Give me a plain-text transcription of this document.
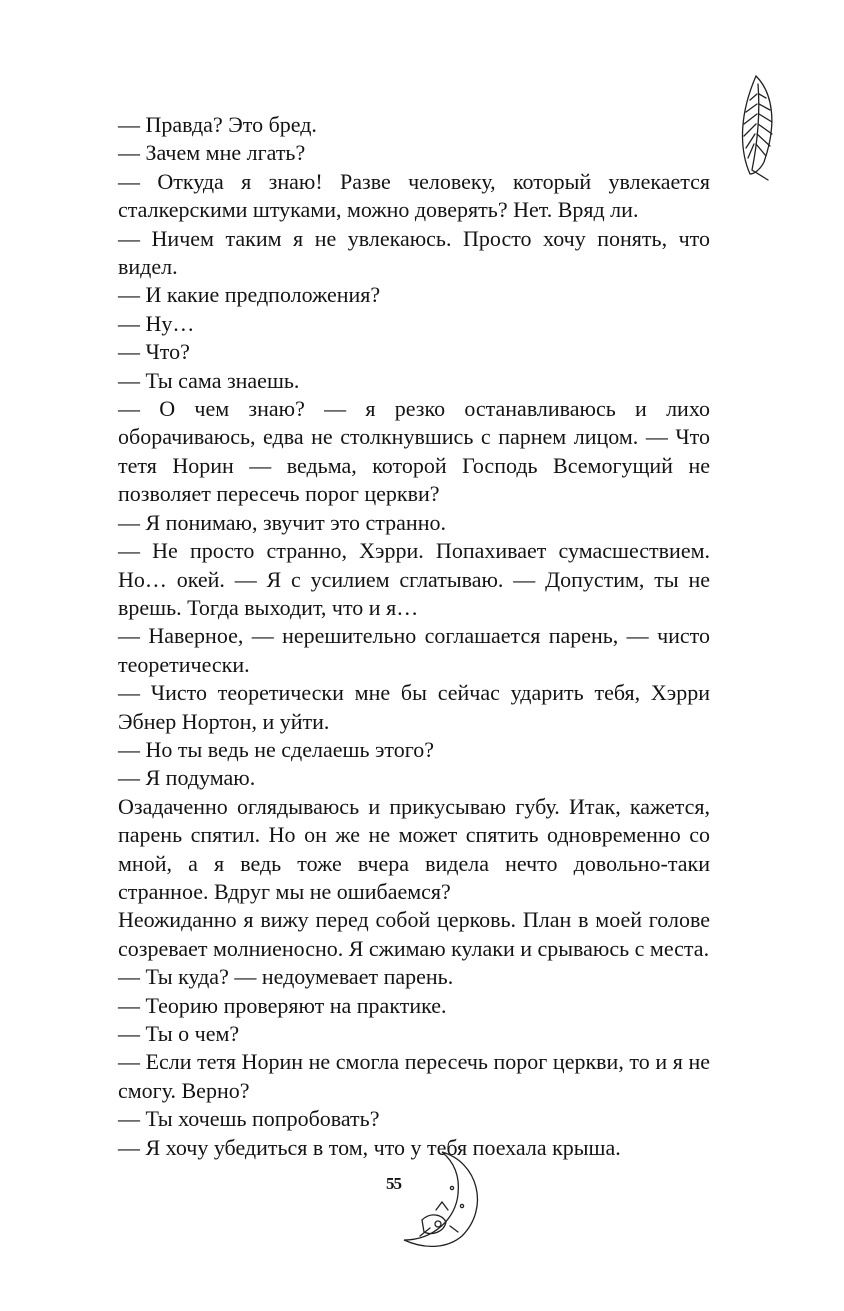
— Правда? Это бред.

— Зачем мне лгать?

— Откуда я знаю! Разве человеку, который увлекается сталкерскими штуками, можно доверять? Нет. Вряд ли.

— Ничем таким я не увлекаюсь. Просто хочу понять, что видел.

— И какие предположения?

— Ну…

— Что?

— Ты сама знаешь.

— О чем знаю? — я резко останавливаюсь и лихо оборачиваюсь, едва не столкнувшись с парнем лицом. — Что тетя Норин — ведьма, которой Господь Всемогущий не позволяет пересечь порог церкви?

— Я понимаю, звучит это странно.

— Не просто странно, Хэрри. Попахивает сумасшествием. Но… окей. — Я с усилием сглатываю. — Допустим, ты не врешь. Тогда выходит, что и я…

— Наверное, — нерешительно соглашается парень, — чисто теоретически.

— Чисто теоретически мне бы сейчас ударить тебя, Хэрри Эбнер Нортон, и уйти.

— Но ты ведь не сделаешь этого?

— Я подумаю.

Озадаченно оглядываюсь и прикусываю губу. Итак, кажется, парень спятил. Но он же не может спятить одновременно со мной, а я ведь тоже вчера видела нечто довольно-таки странное. Вдруг мы не ошибаемся?

Неожиданно я вижу перед собой церковь. План в моей голове созревает молниеносно. Я сжимаю кулаки и срываюсь с места.

— Ты куда? — недоумевает парень.

— Теорию проверяют на практике.

— Ты о чем?

— Если тетя Норин не смогла пересечь порог церкви, то и я не смогу. Верно?

— Ты хочешь попробовать?

— Я хочу убедиться в том, что у тебя поехала крыша.

55
